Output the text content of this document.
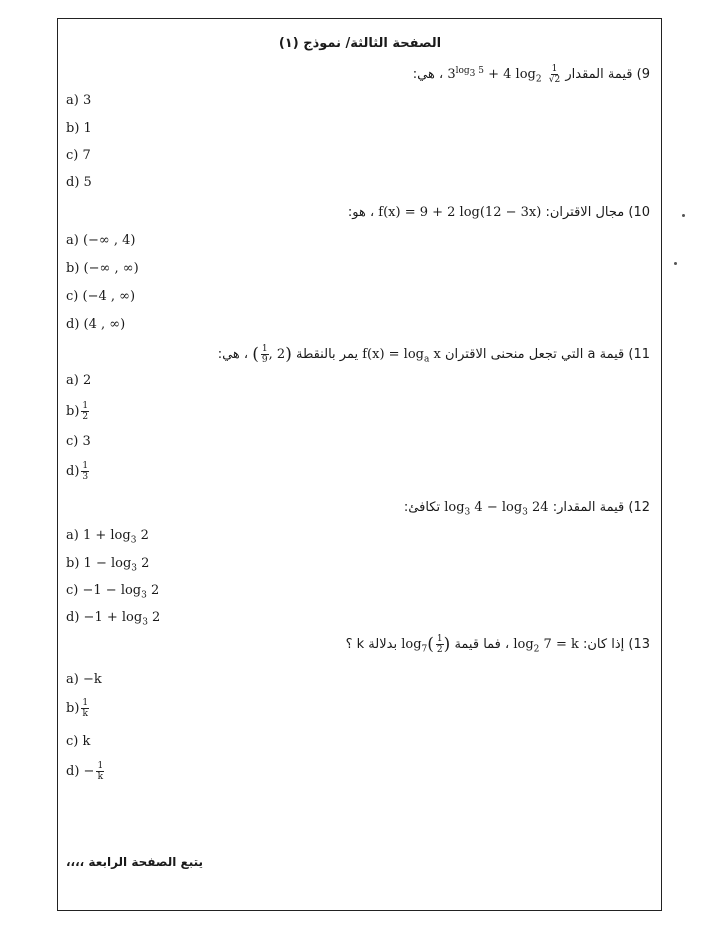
الصفحة الثالثة/ نموذج (١)
9) قيمة المقدار $3^{log_3 5} + 4$ $\log_2 \frac{1}{√2}$
، هي:
a) 3
b) 1
c) 7
d) 5
10) مجال الاقتران: f(x) = 9 + 2 log(12 − 3x) ، هو:
a) (−∞ , 4)
b) (−∞ , ∞)
c) (−4 , ∞)
d) (4 , ∞)
11) قيمة a التي تجعل منحنى الاقتران $f(x) = \log_a x$ يمر بالنقطة ( $\frac{1}{9}$ , 2) ، هي:
a) 2
$b) \frac{1}{2}$
c) 3
$d) \frac{1}{3}$
12) قيمة المقدار: $\log_3 4 - \log_3 24$ تكافئ:
a) $1 + \log_3 2$
b) $1 - \log_3 2$
$c) -1 - \log_3 2$
$d) -1 + \log_3 2$
13) إذا كان: $\log_2 7 = k$ ، فما قيمة $\log_7( \frac{1}{2}$ ) بدلالة k ؟
a) −k
$b) \frac{1}{k}$
c) k
$d) - \frac{1}{k}$
يتبع الصفحة الرابعة ،،،،
